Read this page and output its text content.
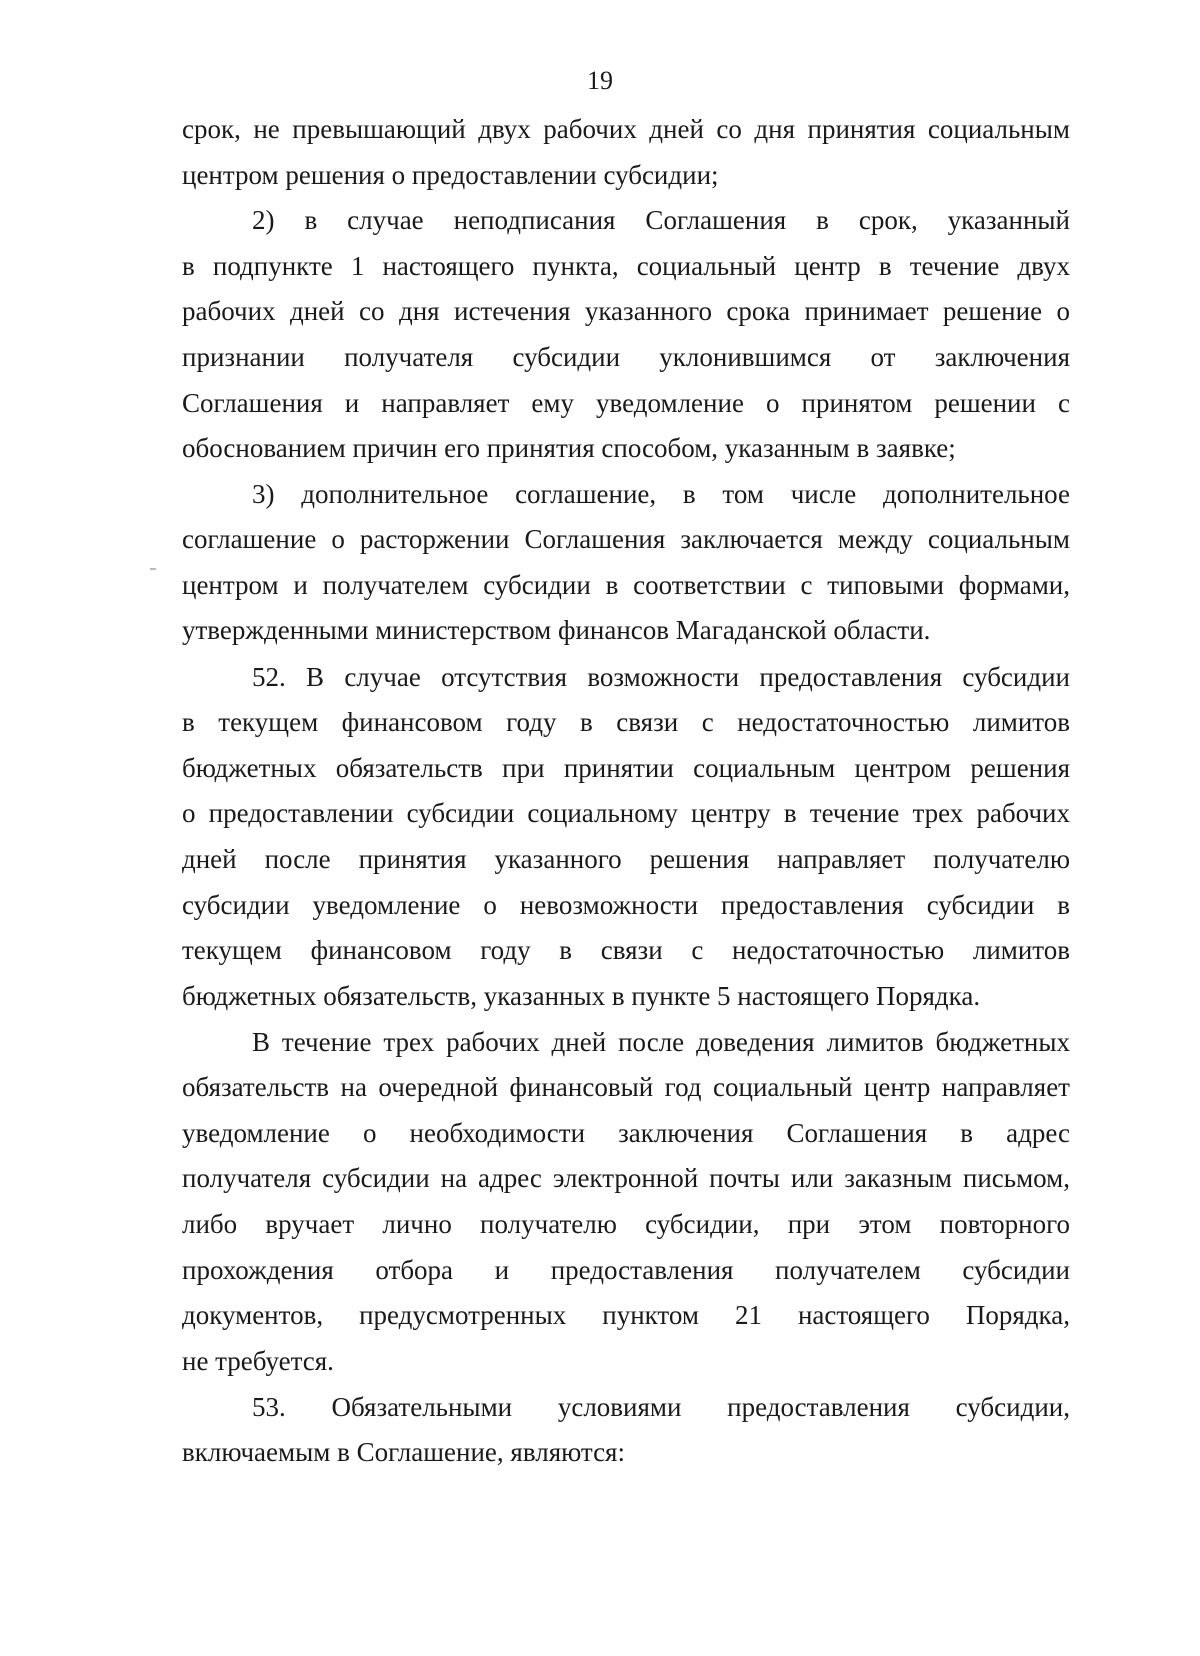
19
срок, не превышающий двух рабочих дней со дня принятия социальным
центром решения о предоставлении субсидии;
2) в случае неподписания Соглашения в срок, указанный
в подпункте 1 настоящего пункта, социальный центр в течение двух
рабочих дней со дня истечения указанного срока принимает решение о
признании получателя субсидии уклонившимся от заключения
Соглашения и направляет ему уведомление о принятом решении с
обоснованием причин его принятия способом, указанным в заявке;
3) дополнительное соглашение, в том числе дополнительное
соглашение о расторжении Соглашения заключается между социальным
центром и получателем субсидии в соответствии с типовыми формами,
утвержденными министерством финансов Магаданской области.
52. В случае отсутствия возможности предоставления субсидии
в текущем финансовом году в связи с недостаточностью лимитов
бюджетных обязательств при принятии социальным центром решения
о предоставлении субсидии социальному центру в течение трех рабочих
дней после принятия указанного решения направляет получателю
субсидии уведомление о невозможности предоставления субсидии в
текущем финансовом году в связи с недостаточностью лимитов
бюджетных обязательств, указанных в пункте 5 настоящего Порядка.
В течение трех рабочих дней после доведения лимитов бюджетных
обязательств на очередной финансовый год социальный центр направляет
уведомление о необходимости заключения Соглашения в адрес
получателя субсидии на адрес электронной почты или заказным письмом,
либо вручает лично получателю субсидии, при этом повторного
прохождения отбора и предоставления получателем субсидии
документов, предусмотренных пунктом 21 настоящего Порядка,
не требуется.
53. Обязательными условиями предоставления субсидии,
включаемым в Соглашение, являются:
